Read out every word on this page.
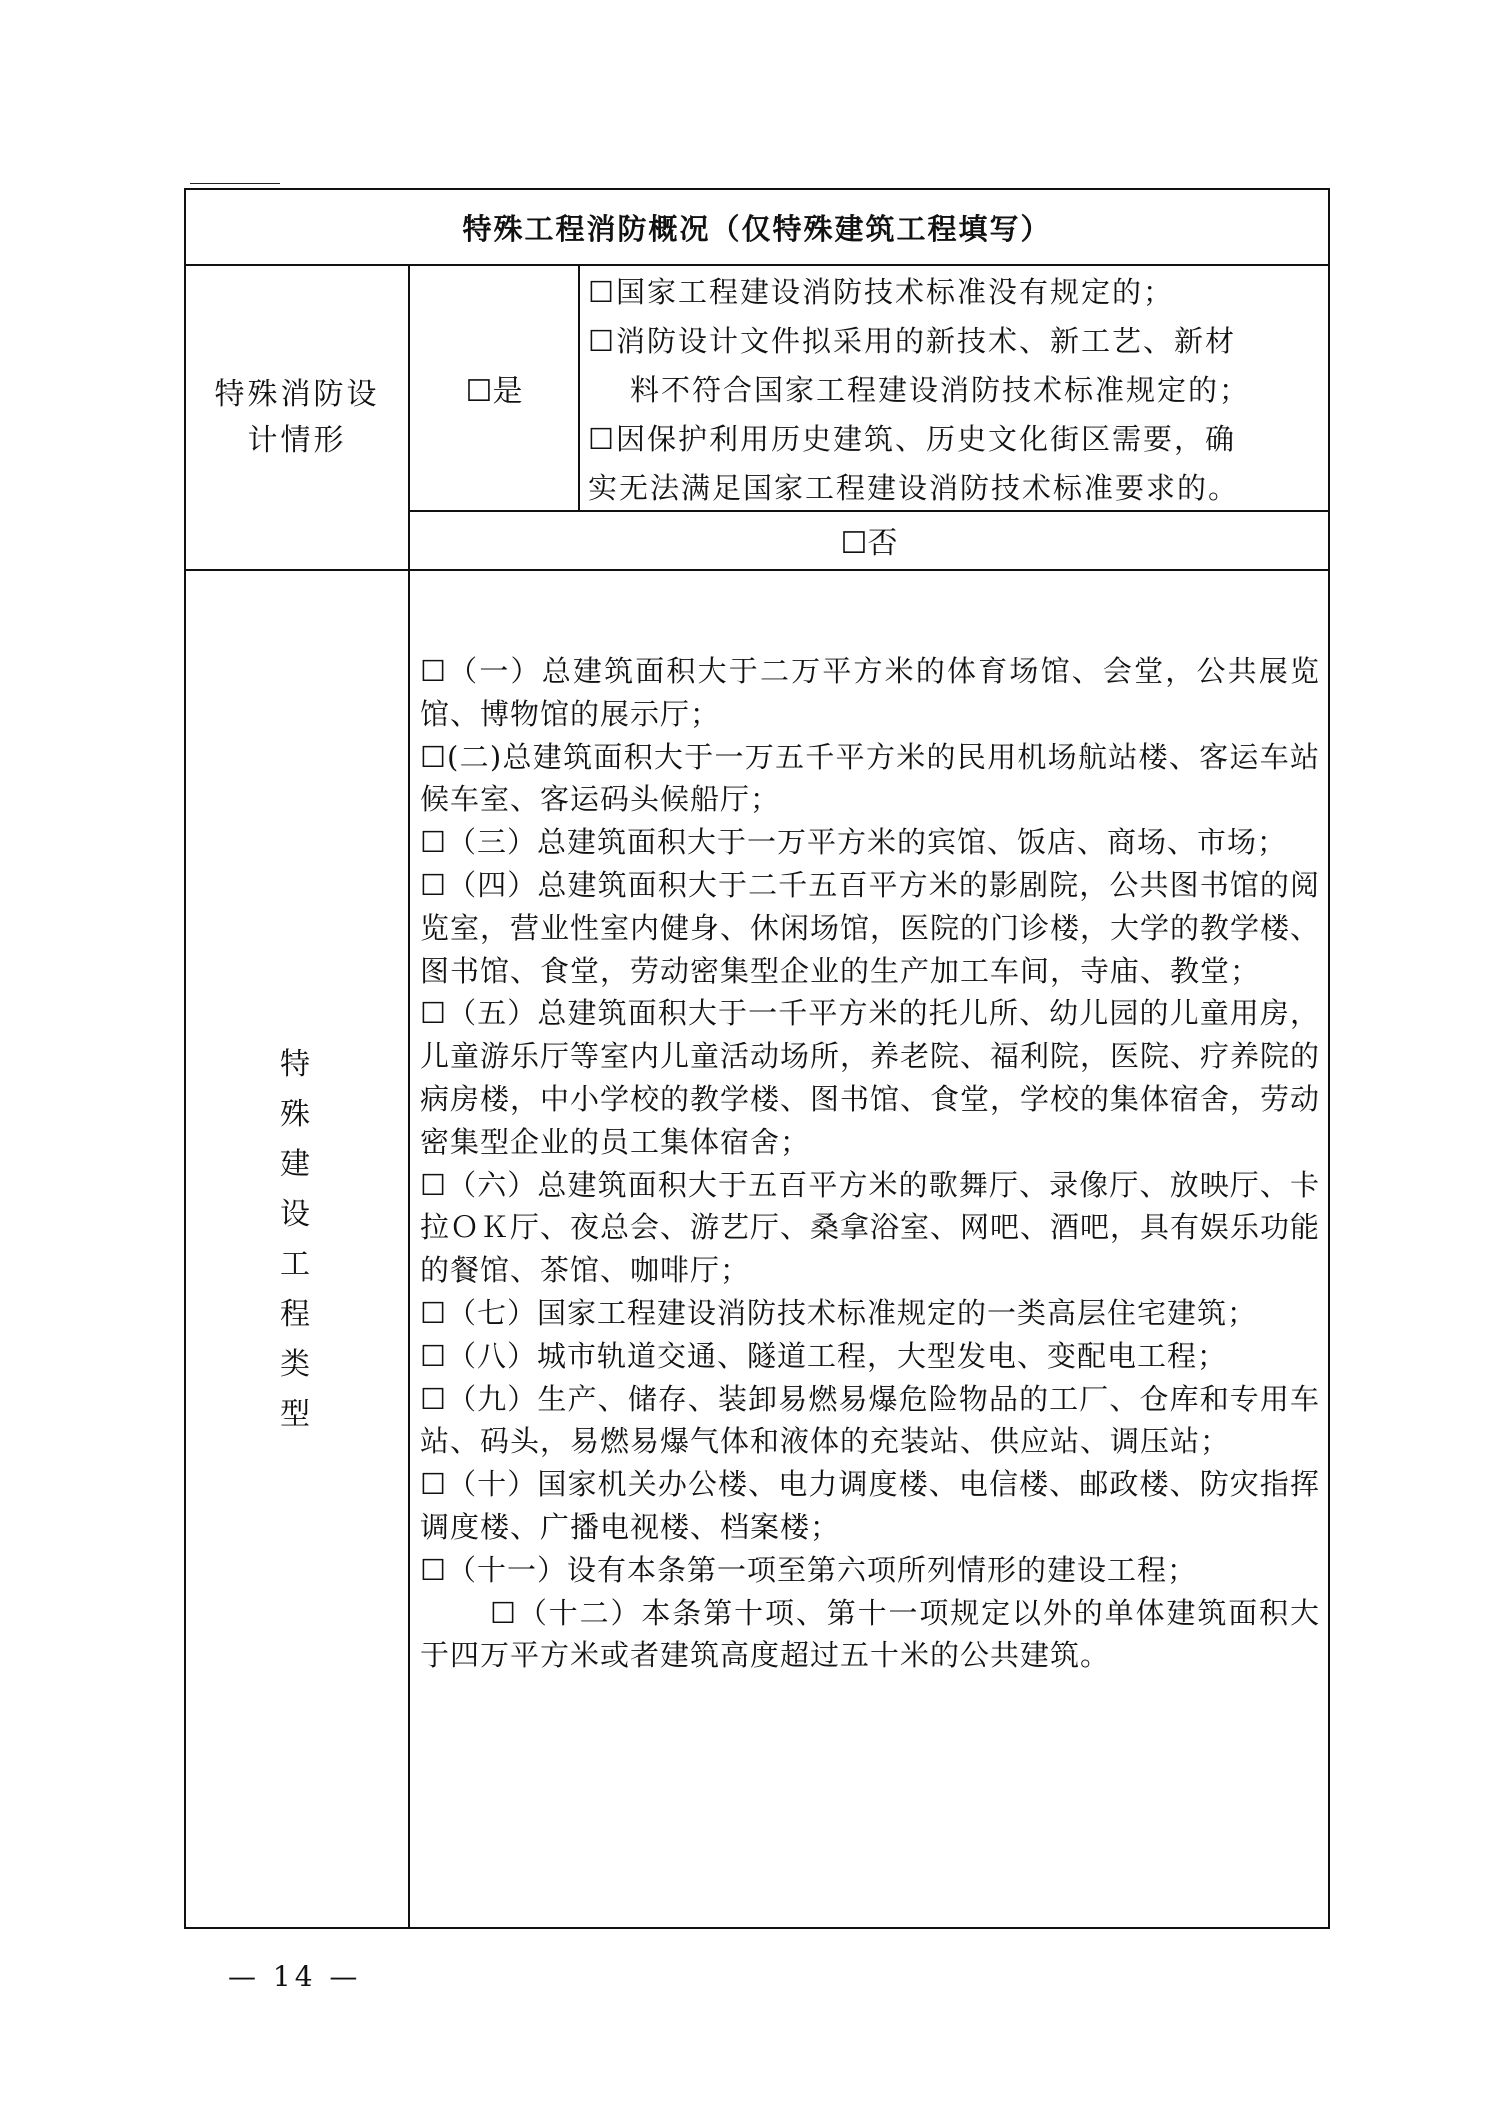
特殊工程消防概况（仅特殊建筑工程填写）
特殊消防设
计情形
☐是
☐国家工程建设消防技术标准没有规定的；
☐消防设计文件拟采用的新技术、新工艺、新材
料不符合国家工程建设消防技术标准规定的；
☐因保护利用历史建筑、历史文化街区需要，确
实无法满足国家工程建设消防技术标准要求的。
☐否
特
殊
建
设
工
程
类
型
☐（一）总建筑面积大于二万平方米的体育场馆、会堂，公共展览馆、博物馆的展示厅；
☐(二)总建筑面积大于一万五千平方米的民用机场航站楼、客运车站候车室、客运码头候船厅；
☐（三）总建筑面积大于一万平方米的宾馆、饭店、商场、市场；
☐（四）总建筑面积大于二千五百平方米的影剧院，公共图书馆的阅览室，营业性室内健身、休闲场馆，医院的门诊楼，大学的教学楼、图书馆、食堂，劳动密集型企业的生产加工车间，寺庙、教堂；
☐（五）总建筑面积大于一千平方米的托儿所、幼儿园的儿童用房，儿童游乐厅等室内儿童活动场所，养老院、福利院，医院、疗养院的病房楼，中小学校的教学楼、图书馆、食堂，学校的集体宿舍，劳动密集型企业的员工集体宿舍；
☐（六）总建筑面积大于五百平方米的歌舞厅、录像厅、放映厅、卡拉ＯＫ厅、夜总会、游艺厅、桑拿浴室、网吧、酒吧，具有娱乐功能的餐馆、茶馆、咖啡厅；
☐（七）国家工程建设消防技术标准规定的一类高层住宅建筑；
☐（八）城市轨道交通、隧道工程，大型发电、变配电工程；
☐（九）生产、储存、装卸易燃易爆危险物品的工厂、仓库和专用车站、码头，易燃易爆气体和液体的充装站、供应站、调压站；
☐（十）国家机关办公楼、电力调度楼、电信楼、邮政楼、防灾指挥调度楼、广播电视楼、档案楼；
☐（十一）设有本条第一项至第六项所列情形的建设工程；
☐（十二）本条第十项、第十一项规定以外的单体建筑面积大于四万平方米或者建筑高度超过五十米的公共建筑。
— 14 —
